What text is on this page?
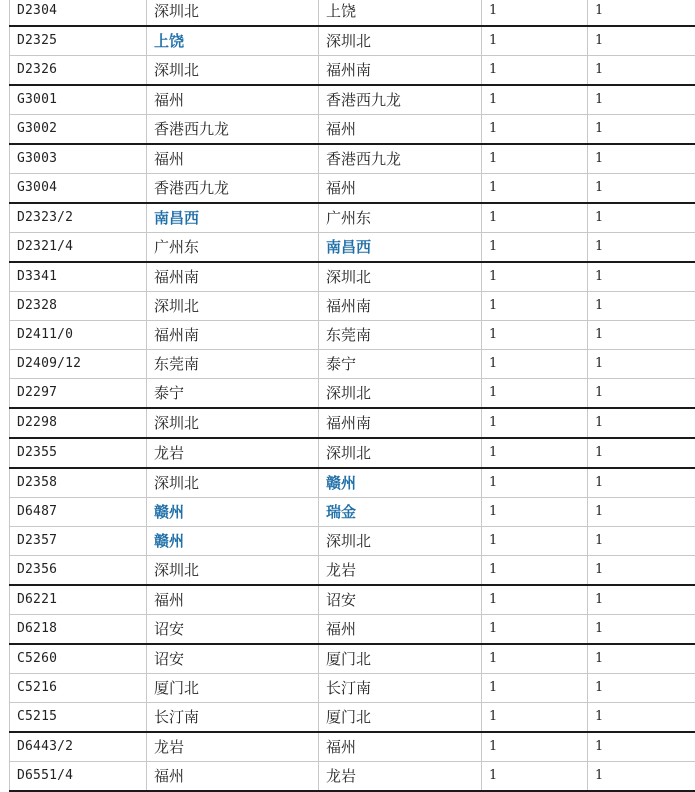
D2304	深圳北	上饶	1	1
D2325	上饶	深圳北	1	1
D2326	深圳北	福州南	1	1
G3001	福州	香港西九龙	1	1
G3002	香港西九龙	福州	1	1
G3003	福州	香港西九龙	1	1
G3004	香港西九龙	福州	1	1
D2323/2	南昌西	广州东	1	1
D2321/4	广州东	南昌西	1	1
D3341	福州南	深圳北	1	1
D2328	深圳北	福州南	1	1
D2411/0	福州南	东莞南	1	1
D2409/12	东莞南	泰宁	1	1
D2297	泰宁	深圳北	1	1
D2298	深圳北	福州南	1	1
D2355	龙岩	深圳北	1	1
D2358	深圳北	赣州	1	1
D6487	赣州	瑞金	1	1
D2357	赣州	深圳北	1	1
D2356	深圳北	龙岩	1	1
D6221	福州	诏安	1	1
D6218	诏安	福州	1	1
C5260	诏安	厦门北	1	1
C5216	厦门北	长汀南	1	1
C5215	长汀南	厦门北	1	1
D6443/2	龙岩	福州	1	1
D6551/4	福州	龙岩	1	1
